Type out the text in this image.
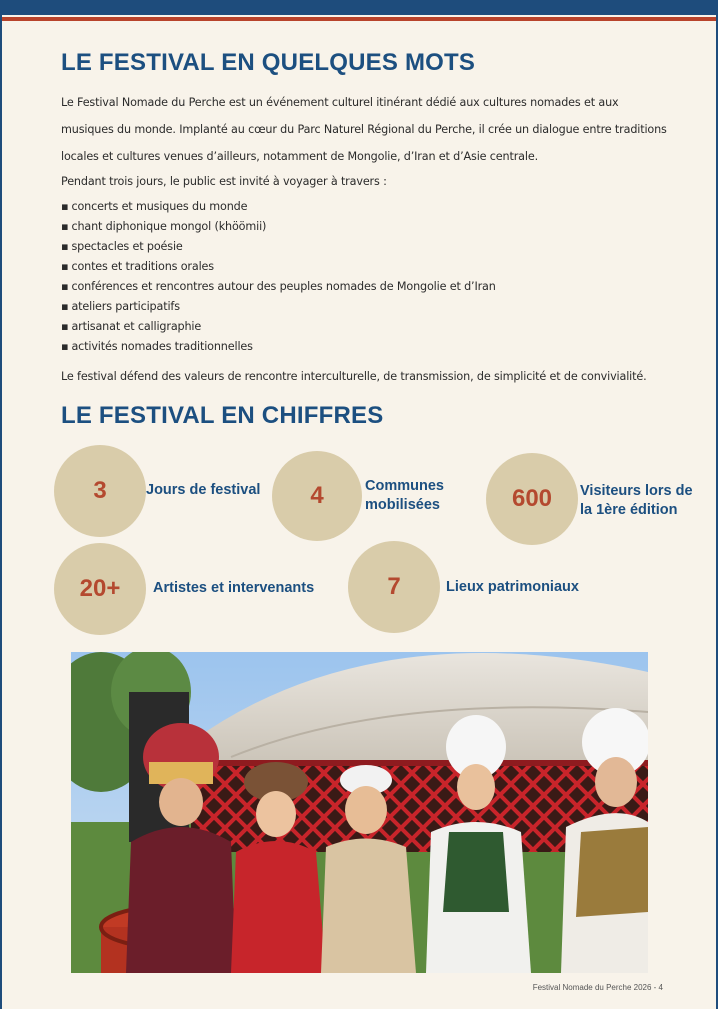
LE FESTIVAL EN QUELQUES MOTS

Le Festival Nomade du Perche est un événement culturel itinérant dédié aux cultures nomades et aux musiques du monde. Implanté au cœur du Parc Naturel Régional du Perche, il crée un dialogue entre traditions locales et cultures venues d’ailleurs, notamment de Mongolie, d’Iran et d’Asie centrale.

Pendant trois jours, le public est invité à voyager à travers :

▪ concerts et musiques du monde
▪ chant diphonique mongol (khöömii)
▪ spectacles et poésie
▪ contes et traditions orales
▪ conférences et rencontres autour des peuples nomades de Mongolie et d’Iran
▪ ateliers participatifs
▪ artisanat et calligraphie
▪ activités nomades traditionnelles

Le festival défend des valeurs de rencontre interculturelle, de transmission, de simplicité et de convivialité.

LE FESTIVAL EN CHIFFRES
3	Jours de festival	4	Communes mobilisées	600	Visiteurs lors de la 1ère édition
20+	Artistes et intervenants	7	Lieux patrimoniaux
Festival Nomade du Perche 2026 - 4
